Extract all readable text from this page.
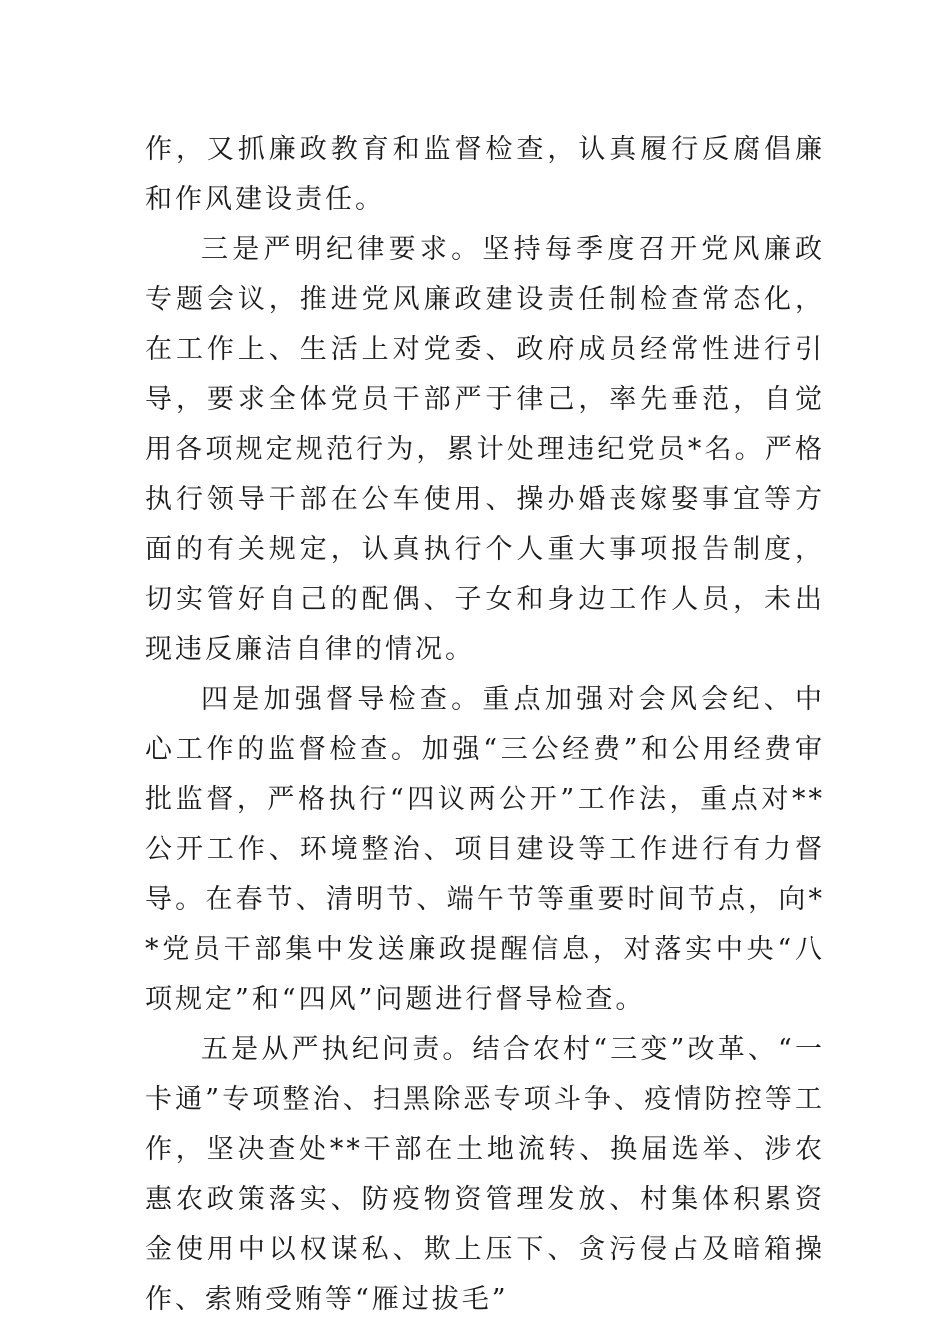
作，又抓廉政教育和监督检查，认真履行反腐倡廉和作风建设责任。

三是严明纪律要求。坚持每季度召开党风廉政专题会议，推进党风廉政建设责任制检查常态化，在工作上、生活上对党委、政府成员经常性进行引导，要求全体党员干部严于律己，率先垂范，自觉用各项规定规范行为，累计处理违纪党员*名。严格执行领导干部在公车使用、操办婚丧嫁娶事宜等方面的有关规定，认真执行个人重大事项报告制度，切实管好自己的配偶、子女和身边工作人员，未出现违反廉洁自律的情况。

四是加强督导检查。重点加强对会风会纪、中心工作的监督检查。加强“三公经费”和公用经费审批监督，严格执行“四议两公开”工作法，重点对**公开工作、环境整治、项目建设等工作进行有力督导。在春节、清明节、端午节等重要时间节点，向**党员干部集中发送廉政提醒信息，对落实中央“八项规定”和“四风”问题进行督导检查。

五是从严执纪问责。结合农村“三变”改革、“一卡通”专项整治、扫黑除恶专项斗争、疫情防控等工作，坚决查处**干部在土地流转、换届选举、涉农惠农政策落实、防疫物资管理发放、村集体积累资金使用中以权谋私、欺上压下、贪污侵占及暗箱操作、索贿受贿等“雁过拔毛”
